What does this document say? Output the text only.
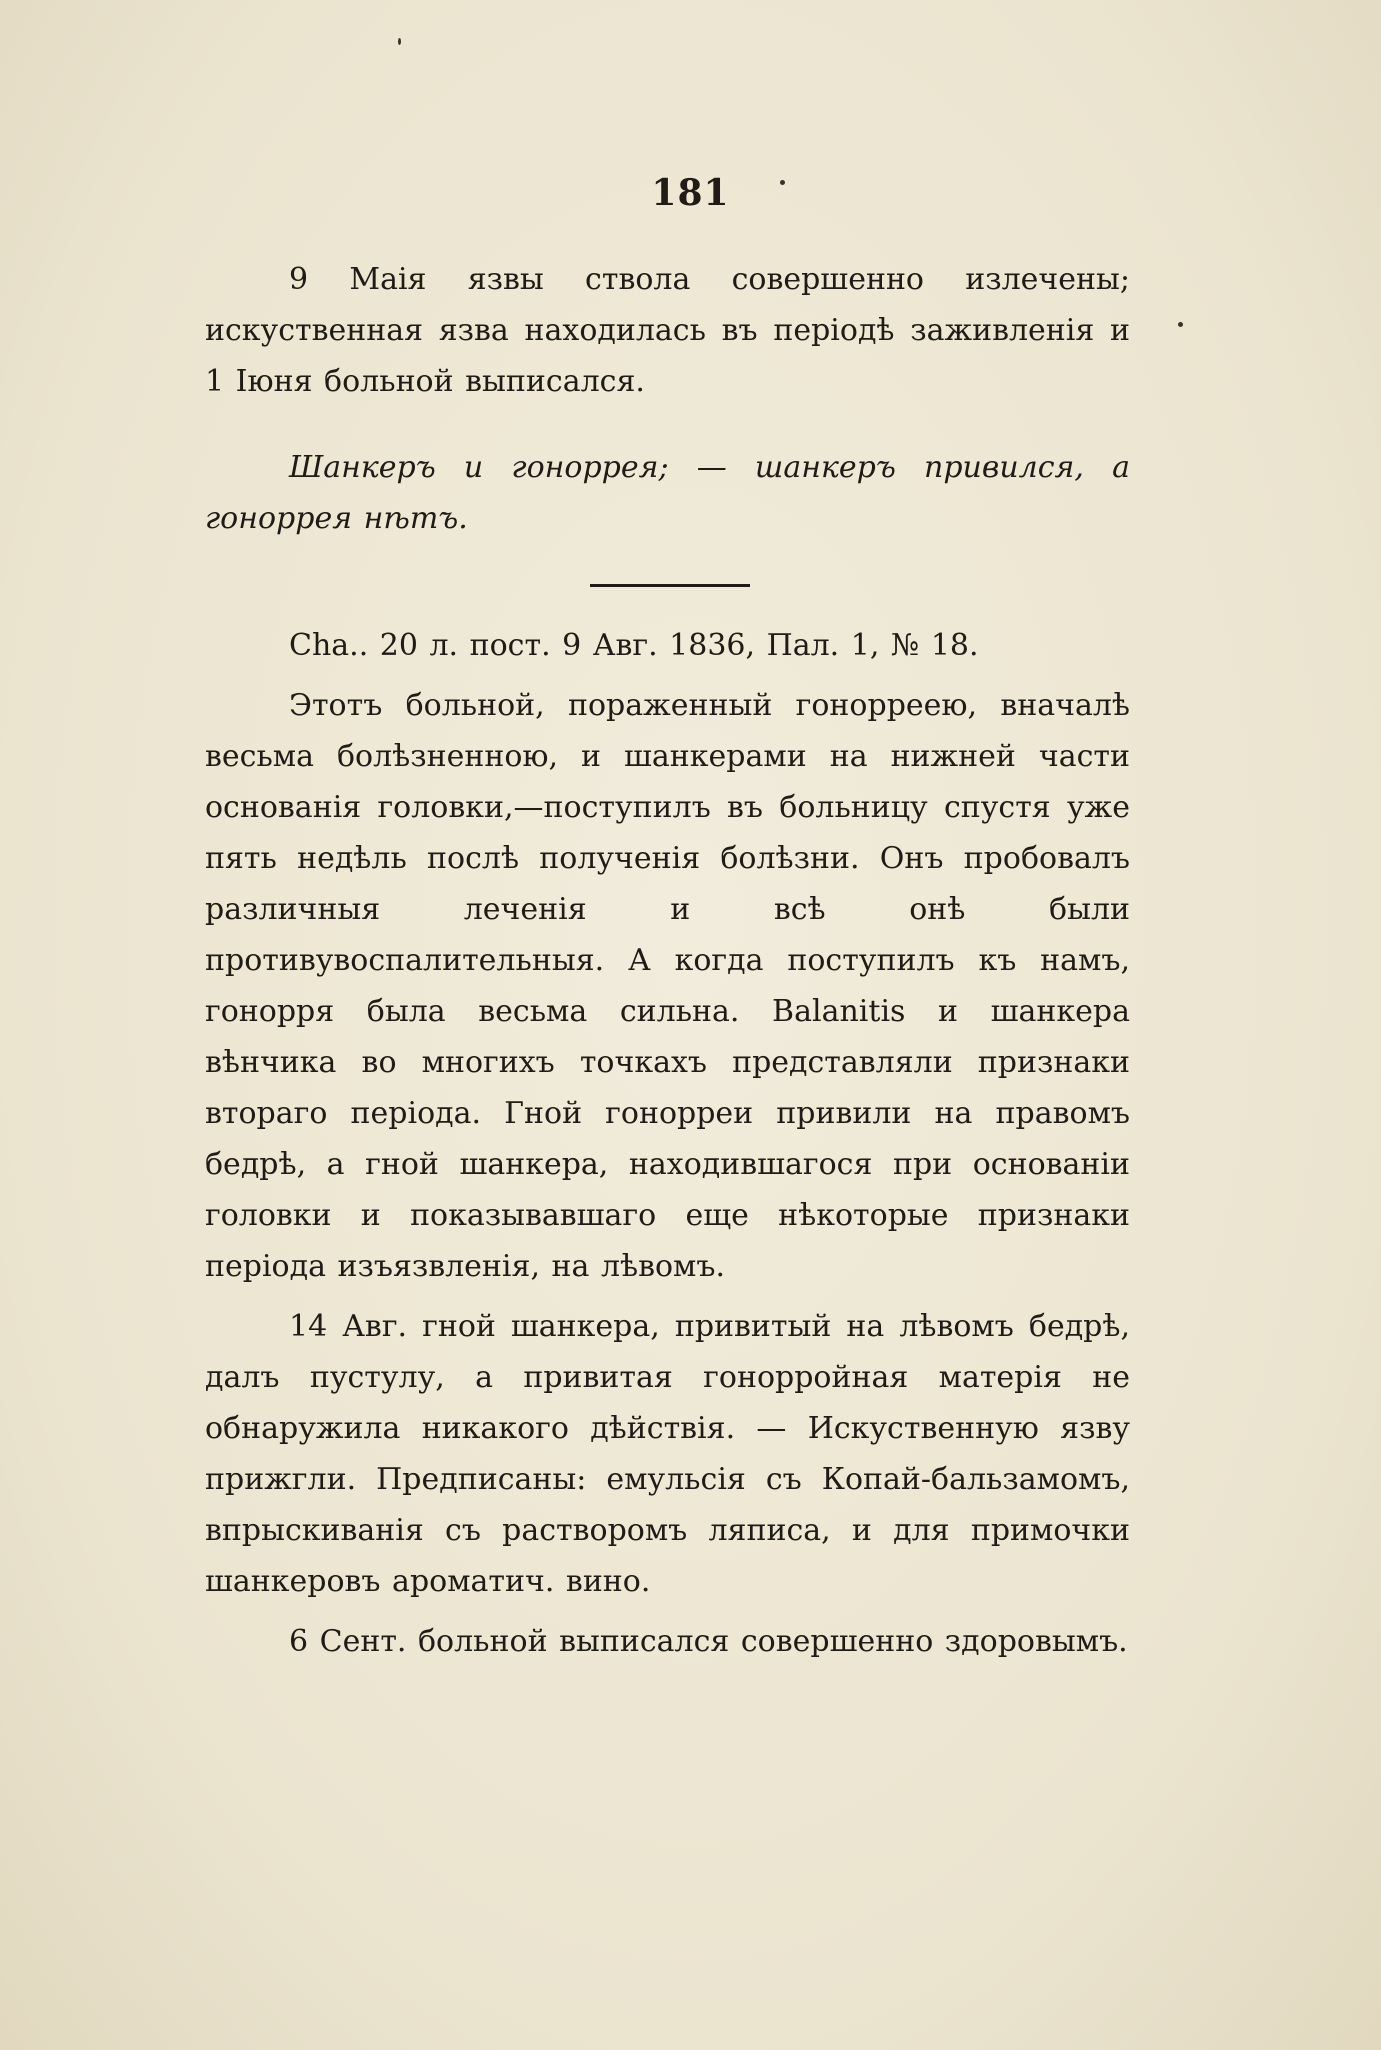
181

9 Маія язвы ствола совершенно излечены; искуственная язва находилась въ періодѣ заживленія и 1 Іюня больной выписался.

Шанкеръ и гоноррея; — шанкеръ привился, а гоноррея нѣтъ.

Cha.. 20 л. пост. 9 Авг. 1836, Пал. 1, № 18.

Этотъ больной, пораженный гонорреею, вначалѣ весьма болѣзненною, и шанкерами на нижней части основанія головки,—поступилъ въ больницу спустя уже пять недѣль послѣ полученія болѣзни. Онъ пробовалъ различныя леченія и всѣ онѣ были противувоспалительныя. А когда поступилъ къ намъ, гонорря была весьма сильна. Balanitis и шанкера вѣнчика во многихъ точкахъ представляли признаки втораго періода. Гной гонорреи привили на правомъ бедрѣ, а гной шанкера, находившагося при основаніи головки и показывавшаго еще нѣкоторые признаки періода изъязвленія, на лѣвомъ.

14 Авг. гной шанкера, привитый на лѣвомъ бедрѣ, далъ пустулу, а привитая гонорройная матерія не обнаружила никакого дѣйствія. — Искуственную язву прижгли. Предписаны: емульсія съ Копай-бальзамомъ, впрыскиванія съ растворомъ ляписа, и для примочки шанкеровъ ароматич. вино.

6 Сент. больной выписался совершенно здоровымъ.
